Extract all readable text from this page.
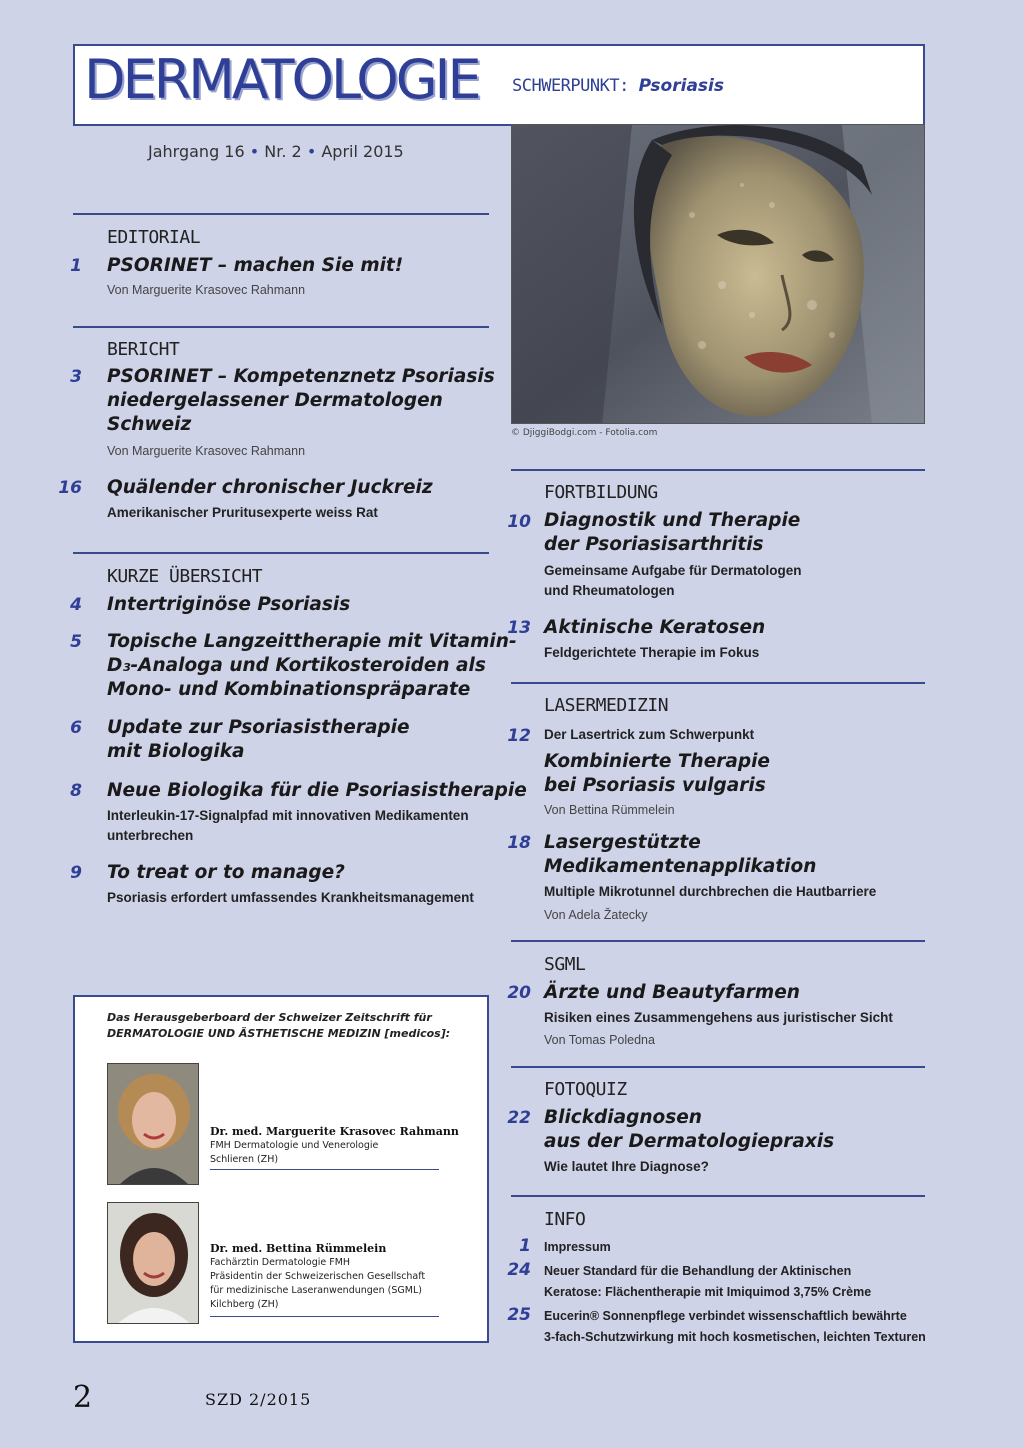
DERMATOLOGIE SCHWERPUNKT: Psoriasis
Jahrgang 16 • Nr. 2 • April 2015
© DjiggiBodgi.com - Fotolia.com
EDITORIAL
1 PSORINET – machen Sie mit!
Von Marguerite Krasovec Rahmann
BERICHT
3 PSORINET – Kompetenznetz Psoriasis
niedergelassener Dermatologen
Schweiz
Von Marguerite Krasovec Rahmann
16 Quälender chronischer Juckreiz
Amerikanischer Pruritusexperte weiss Rat
KURZE ÜBERSICHT
4 Intertriginöse Psoriasis
5 Topische Langzeittherapie mit Vitamin-
D₃-Analoga und Kortikosteroiden als
Mono- und Kombinationspräparate
6 Update zur Psoriasistherapie
mit Biologika
8 Neue Biologika für die Psoriasistherapie
Interleukin-17-Signalpfad mit innovativen Medikamenten
unterbrechen
9 To treat or to manage?
Psoriasis erfordert umfassendes Krankheitsmanagement
Das Herausgeberboard der Schweizer Zeitschrift für
DERMATOLOGIE UND ÄSTHETISCHE MEDIZIN [medicos]:
Dr. med. Marguerite Krasovec Rahmann
FMH Dermatologie und Venerologie
Schlieren (ZH)
Dr. med. Bettina Rümmelein
Fachärztin Dermatologie FMH
Präsidentin der Schweizerischen Gesellschaft
für medizinische Laseranwendungen (SGML)
Kilchberg (ZH)
FORTBILDUNG
10 Diagnostik und Therapie
der Psoriasisarthritis
Gemeinsame Aufgabe für Dermatologen
und Rheumatologen
13 Aktinische Keratosen
Feldgerichtete Therapie im Fokus
LASERMEDIZIN
12 Der Lasertrick zum Schwerpunkt
Kombinierte Therapie
bei Psoriasis vulgaris
Von Bettina Rümmelein
18 Lasergestützte
Medikamentenapplikation
Multiple Mikrotunnel durchbrechen die Hautbarriere
Von Adela Žatecky
SGML
20 Ärzte und Beautyfarmen
Risiken eines Zusammengehens aus juristischer Sicht
Von Tomas Poledna
FOTOQUIZ
22 Blickdiagnosen
aus der Dermatologiepraxis
Wie lautet Ihre Diagnose?
INFO
1 Impressum
24 Neuer Standard für die Behandlung der Aktinischen
Keratose: Flächentherapie mit Imiquimod 3,75% Crème
25 Eucerin® Sonnenpflege verbindet wissenschaftlich bewährte
3-fach-Schutzwirkung mit hoch kosmetischen, leichten Texturen
2	SZD 2/2015
